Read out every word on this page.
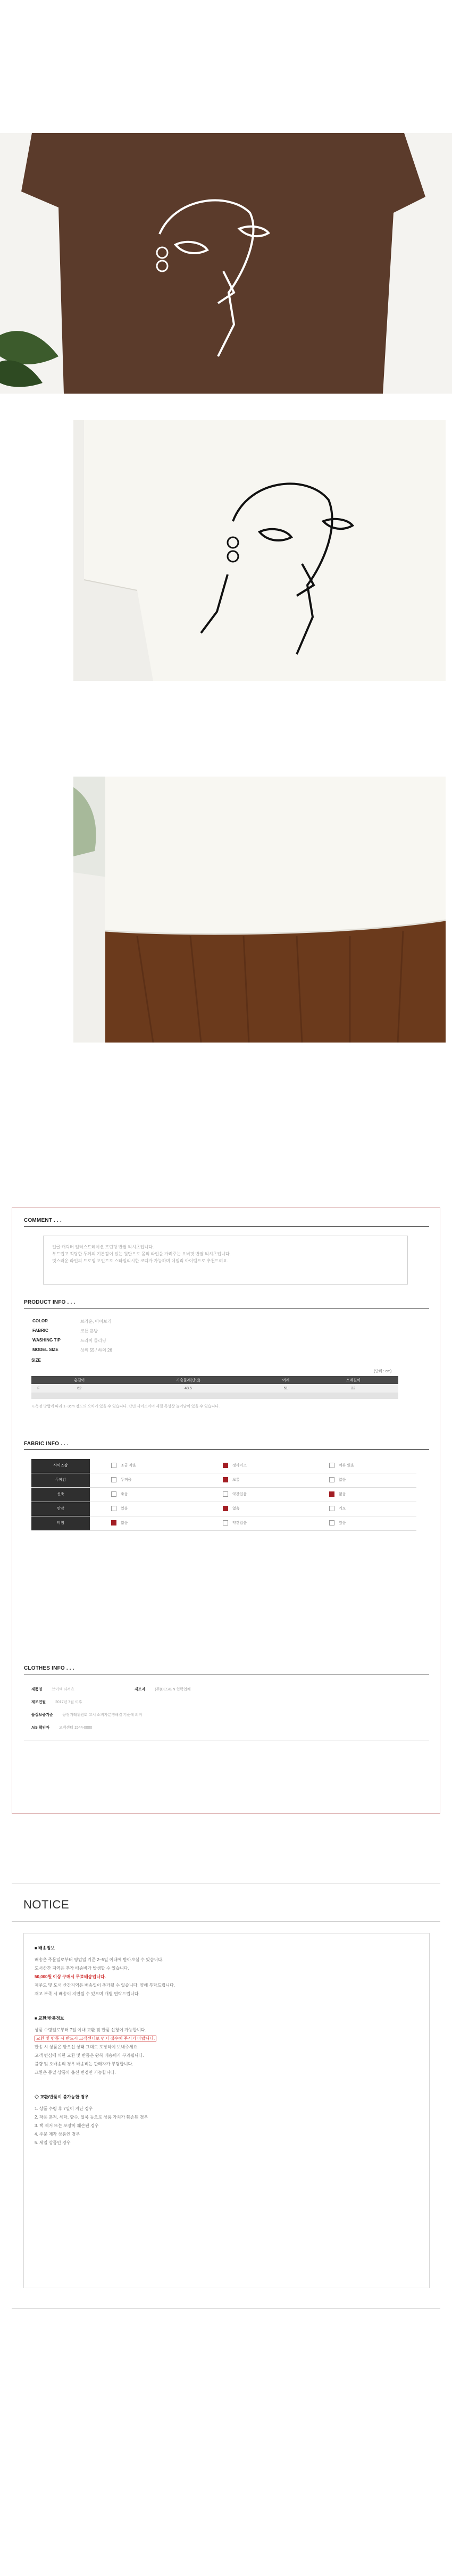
COMMENT . . .
얼굴 캐릭터 일러스트레이션 프린팅 반팔 티셔츠입니다.
부드럽고 적당한 두께의 기본감이 있는 원단으로 몸의 라인을 가려주는 오버핏 반팔 티셔츠입니다.
멋스러운 라인의 드로잉 포인트로 스타일리시한 코디가 가능하며 데일리 아이템으로 추천드려요.
PRODUCT INFO . . .
COLOR	브라운, 아이보리
FABRIC	코튼 혼방
WASHING TIP	드라이 클리닝
MODEL SIZE	상의 55 / 하의 26
SIZE
(단위 : cm)
	총길이	가슴둘레(단면)	어깨	소매길이
F	62	48.5	51	22

※측정 방법에 따라 1~3cm 정도의 오차가 있을 수 있습니다. 단면 사이즈이며 재질 특성상 늘어남이 있을 수 있습니다.
FABRIC INFO . . .
사이즈감	조금 작음	정사이즈	여유 있음
두께감	두꺼움	보통	얇음
신축	좋음	약간있음	없음
안감	있음	없음	기모
비침	없음	약간있음	있음
CLOTHES INFO . . .
제품명	브이넥 티셔츠	제조자	(주)DESIGN 협력업체
제조연월	2017년 7월 이후
품질보증기준	공정거래위원회 고시 소비자분쟁해결 기준에 의거
A/S 책임자	고객센터 1544-0000
NOTICE
■ 배송정보
배송은 주문일로부터 영업일 기준 2~5일 이내에 받아보실 수 있습니다.
도서산간 지역은 추가 배송비가 발생할 수 있습니다.
50,000원 이상 구매시 무료배송입니다.
제주도 및 도서 산간지역은 배송일이 추가될 수 있습니다. 양해 부탁드립니다.
재고 부족 시 배송이 지연될 수 있으며 개별 연락드립니다.
■ 교환/반품정보
상품 수령일로부터 7일 이내 교환 및 반품 신청이 가능합니다.
교환 및 반품 시 반드시 고객센터로 먼저 접수해 주시기 바랍니다.
반송 시 상품은 받으신 상태 그대로 포장하여 보내주세요.
고객 변심에 의한 교환 및 반품은 왕복 배송비가 부과됩니다.
불량 및 오배송의 경우 배송비는 판매자가 부담합니다.
교환은 동일 상품의 옵션 변경만 가능합니다.
◇ 교환/반품이 불가능한 경우
1. 상품 수령 후 7일이 지난 경우
2. 착용 흔적, 세탁, 향수, 얼룩 등으로 상품 가치가 훼손된 경우
3. 택 제거 또는 포장이 훼손된 경우
4. 주문 제작 상품인 경우
5. 세일 상품인 경우
